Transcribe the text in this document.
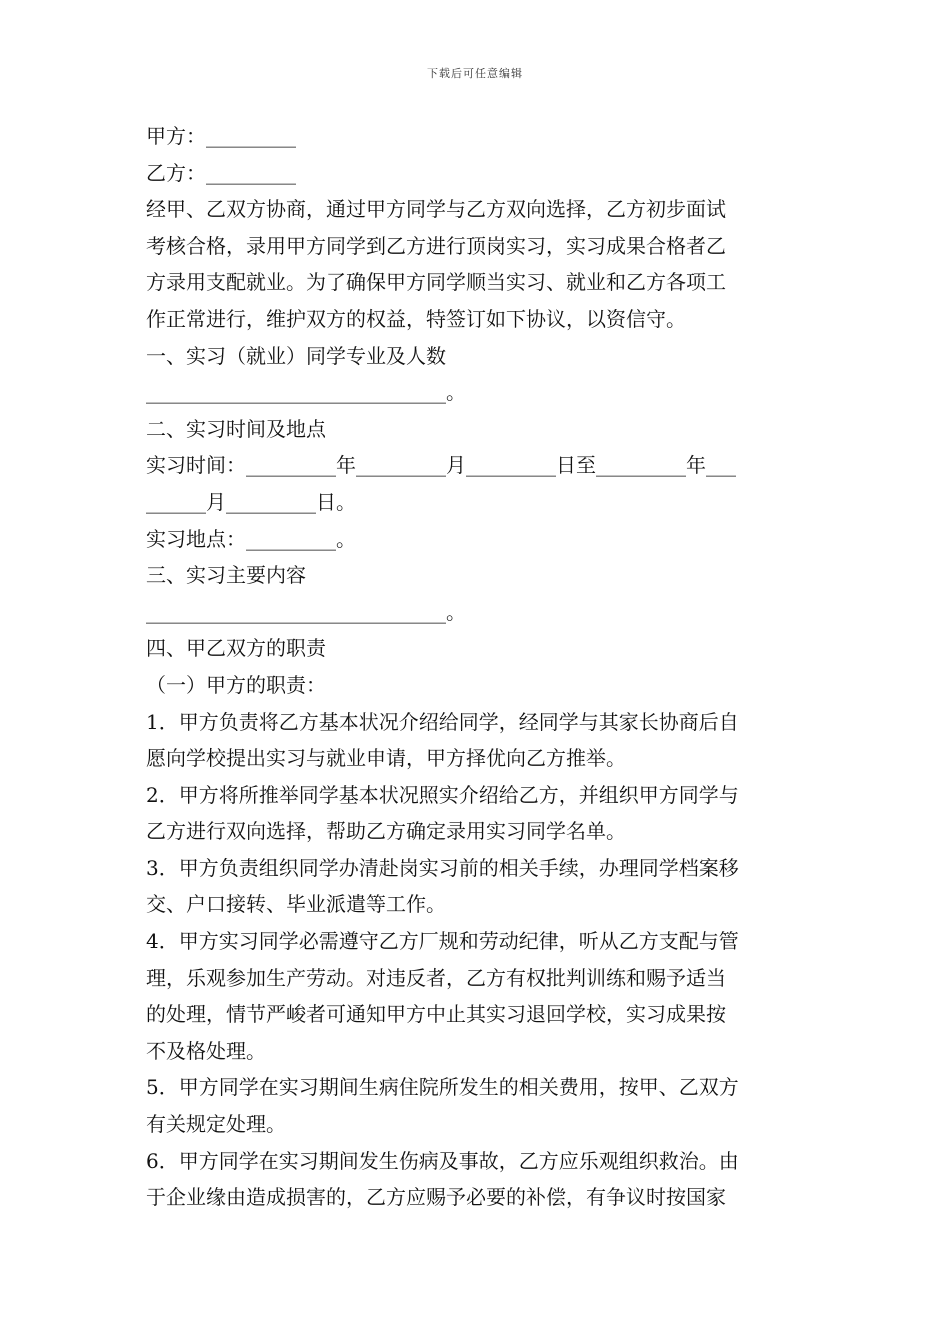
下载后可任意编辑
甲方：_________
乙方：_________
经甲、乙双方协商，通过甲方同学与乙方双向选择，乙方初步面试
考核合格，录用甲方同学到乙方进行顶岗实习，实习成果合格者乙
方录用支配就业。为了确保甲方同学顺当实习、就业和乙方各项工
作正常进行，维护双方的权益，特签订如下协议，以资信守。
一、实习（就业）同学专业及人数
______________________________。
二、实习时间及地点
实习时间：_________年_________月_________日至_________年___
______月_________日。
实习地点：_________。
三、实习主要内容
______________________________。
四、甲乙双方的职责
（一）甲方的职责：
1．甲方负责将乙方基本状况介绍给同学，经同学与其家长协商后自
愿向学校提出实习与就业申请，甲方择优向乙方推举。
2．甲方将所推举同学基本状况照实介绍给乙方，并组织甲方同学与
乙方进行双向选择，帮助乙方确定录用实习同学名单。
3．甲方负责组织同学办清赴岗实习前的相关手续，办理同学档案移
交、户口接转、毕业派遣等工作。
4．甲方实习同学必需遵守乙方厂规和劳动纪律，听从乙方支配与管
理，乐观参加生产劳动。对违反者，乙方有权批判训练和赐予适当
的处理，情节严峻者可通知甲方中止其实习退回学校，实习成果按
不及格处理。
5．甲方同学在实习期间生病住院所发生的相关费用，按甲、乙双方
有关规定处理。
6．甲方同学在实习期间发生伤病及事故，乙方应乐观组织救治。由
于企业缘由造成损害的，乙方应赐予必要的补偿，有争议时按国家
